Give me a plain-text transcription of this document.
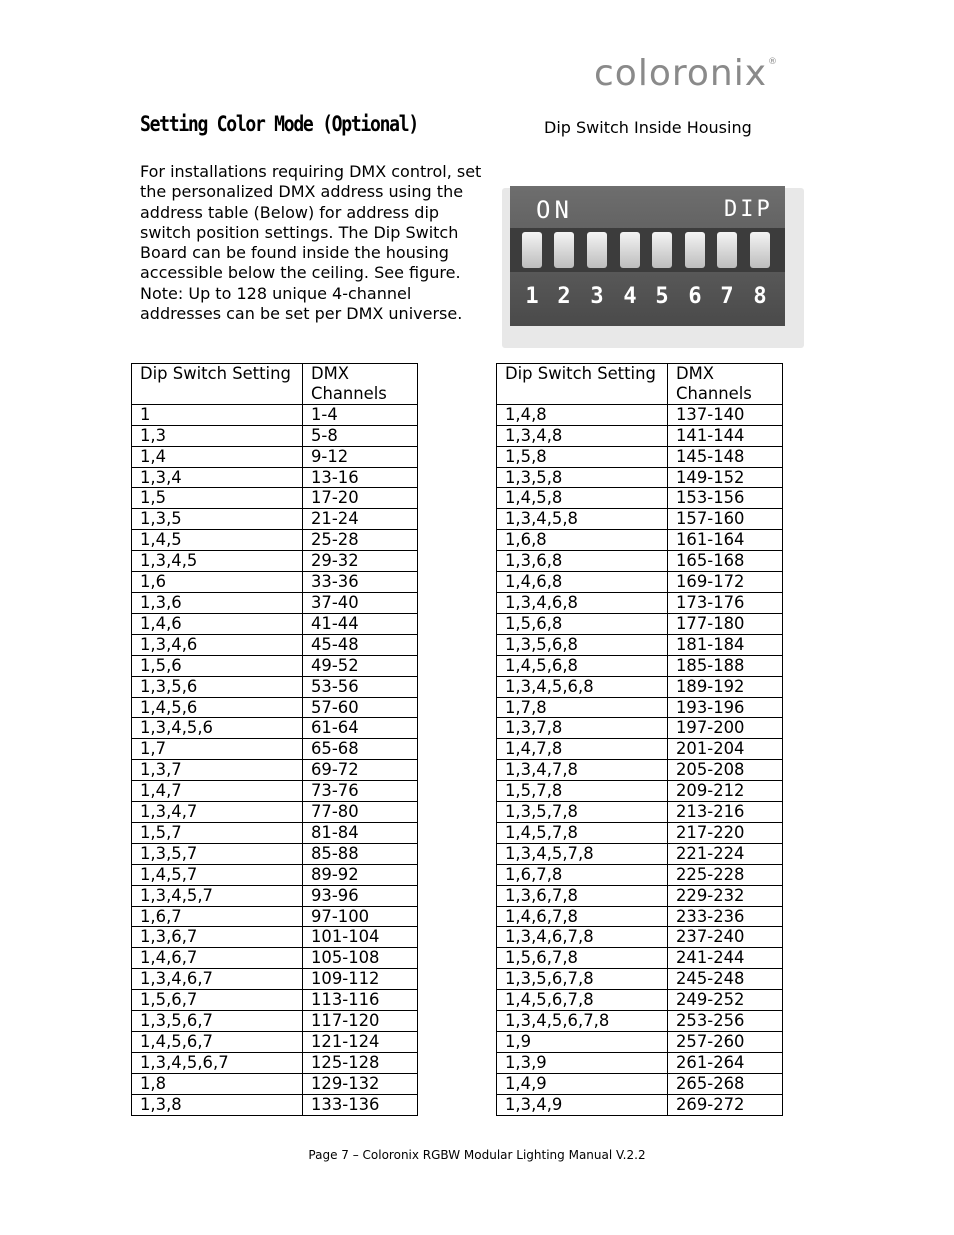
coloronix®
Setting Color Mode (Optional)	Dip Switch Inside Housing

For installations requiring DMX control, set

the personalized DMX address using the

address table (Below) for address dip

switch position settings. The Dip Switch

Board can be found inside the housing

accessible below the ceiling. See figure.

Note: Up to 128 unique 4-channel

addresses can be set per DMX universe.

ON	DIP
1 2 3 4 5 6 7 8
Dip Switch Setting	DMX
Channels
1	1-4
1,3	5-8
1,4	9-12
1,3,4	13-16
1,5	17-20
1,3,5	21-24
1,4,5	25-28
1,3,4,5	29-32
1,6	33-36
1,3,6	37-40
1,4,6	41-44
1,3,4,6	45-48
1,5,6	49-52
1,3,5,6	53-56
1,4,5,6	57-60
1,3,4,5,6	61-64
1,7	65-68
1,3,7	69-72
1,4,7	73-76
1,3,4,7	77-80
1,5,7	81-84
1,3,5,7	85-88
1,4,5,7	89-92
1,3,4,5,7	93-96
1,6,7	97-100
1,3,6,7	101-104
1,4,6,7	105-108
1,3,4,6,7	109-112
1,5,6,7	113-116
1,3,5,6,7	117-120
1,4,5,6,7	121-124
1,3,4,5,6,7	125-128
1,8	129-132
1,3,8	133-136
Dip Switch Setting	DMX
Channels
1,4,8	137-140
1,3,4,8	141-144
1,5,8	145-148
1,3,5,8	149-152
1,4,5,8	153-156
1,3,4,5,8	157-160
1,6,8	161-164
1,3,6,8	165-168
1,4,6,8	169-172
1,3,4,6,8	173-176
1,5,6,8	177-180
1,3,5,6,8	181-184
1,4,5,6,8	185-188
1,3,4,5,6,8	189-192
1,7,8	193-196
1,3,7,8	197-200
1,4,7,8	201-204
1,3,4,7,8	205-208
1,5,7,8	209-212
1,3,5,7,8	213-216
1,4,5,7,8	217-220
1,3,4,5,7,8	221-224
1,6,7,8	225-228
1,3,6,7,8	229-232
1,4,6,7,8	233-236
1,3,4,6,7,8	237-240
1,5,6,7,8	241-244
1,3,5,6,7,8	245-248
1,4,5,6,7,8	249-252
1,3,4,5,6,7,8	253-256
1,9	257-260
1,3,9	261-264
1,4,9	265-268
1,3,4,9	269-272
Page 7 – Coloronix RGBW Modular Lighting Manual V.2.2
